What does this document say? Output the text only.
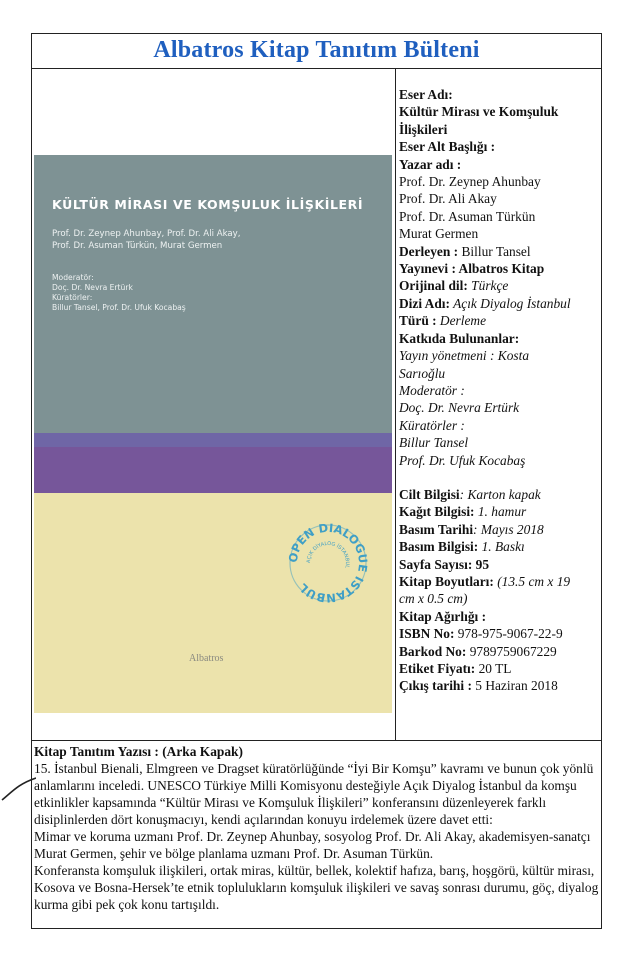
Albatros Kitap Tanıtım Bülteni
KÜLTÜR MİRASI VE KOMŞULUK İLİŞKİLERİ
Prof. Dr. Zeynep Ahunbay, Prof. Dr. Ali Akay,
Prof. Dr. Asuman Türkün, Murat Germen
Moderatör:
Doç. Dr. Nevra Ertürk
Küratörler:
Billur Tansel, Prof. Dr. Ufuk Kocabaş
OPEN DIALOGUE ISTANBUL
AÇIK DİYALOG İSTANBUL
Albatros
Eser Adı:
Kültür Mirası ve Komşuluk
İlişkileri
Eser Alt Başlığı :
Yazar adı :
Prof. Dr. Zeynep Ahunbay
Prof. Dr. Ali Akay
Prof. Dr. Asuman Türkün
Murat Germen
Derleyen : Billur Tansel
Yayınevi : Albatros Kitap
Orijinal dil: Türkçe
Dizi Adı: Açık Diyalog İstanbul
Türü : Derleme
Katkıda Bulunanlar:
Yayın yönetmeni : Kosta
Sarıoğlu
Moderatör :
Doç. Dr. Nevra Ertürk
Küratörler :
Billur Tansel
Prof. Dr. Ufuk Kocabaş
Cilt Bilgisi: Karton kapak
Kağıt Bilgisi: 1. hamur
Basım Tarihi: Mayıs 2018
Basım Bilgisi: 1. Baskı
Sayfa Sayısı: 95
Kitap Boyutları: (13.5 cm x 19
cm x 0.5 cm)
Kitap Ağırlığı :
ISBN No: 978-975-9067-22-9
Barkod No: 9789759067229
Etiket Fiyatı: 20 TL
Çıkış tarihi : 5 Haziran 2018
Kitap Tanıtım Yazısı : (Arka Kapak)
15. İstanbul Bienali, Elmgreen ve Dragset küratörlüğünde “İyi Bir Komşu” kavramı ve bunun çok yönlü anlamlarını inceledi. UNESCO Türkiye Milli Komisyonu desteğiyle Açık Diyalog İstanbul da komşu etkinlikler kapsamında “Kültür Mirası ve Komşuluk İlişkileri” konferansını düzenleyerek farklı disiplinlerden dört konuşmacıyı, kendi açılarından konuyu irdelemek üzere davet etti:
Mimar ve koruma uzmanı Prof. Dr. Zeynep Ahunbay, sosyolog Prof. Dr. Ali Akay, akademisyen-sanatçı Murat Germen, şehir ve bölge planlama uzmanı Prof. Dr. Asuman Türkün.
Konferansta komşuluk ilişkileri, ortak miras, kültür, bellek, kolektif hafıza, barış, hoşgörü, kültür mirası, Kosova ve Bosna-Hersek’te etnik toplulukların komşuluk ilişkileri ve savaş sonrası durumu, göç, diyalog kurma gibi pek çok konu tartışıldı.
